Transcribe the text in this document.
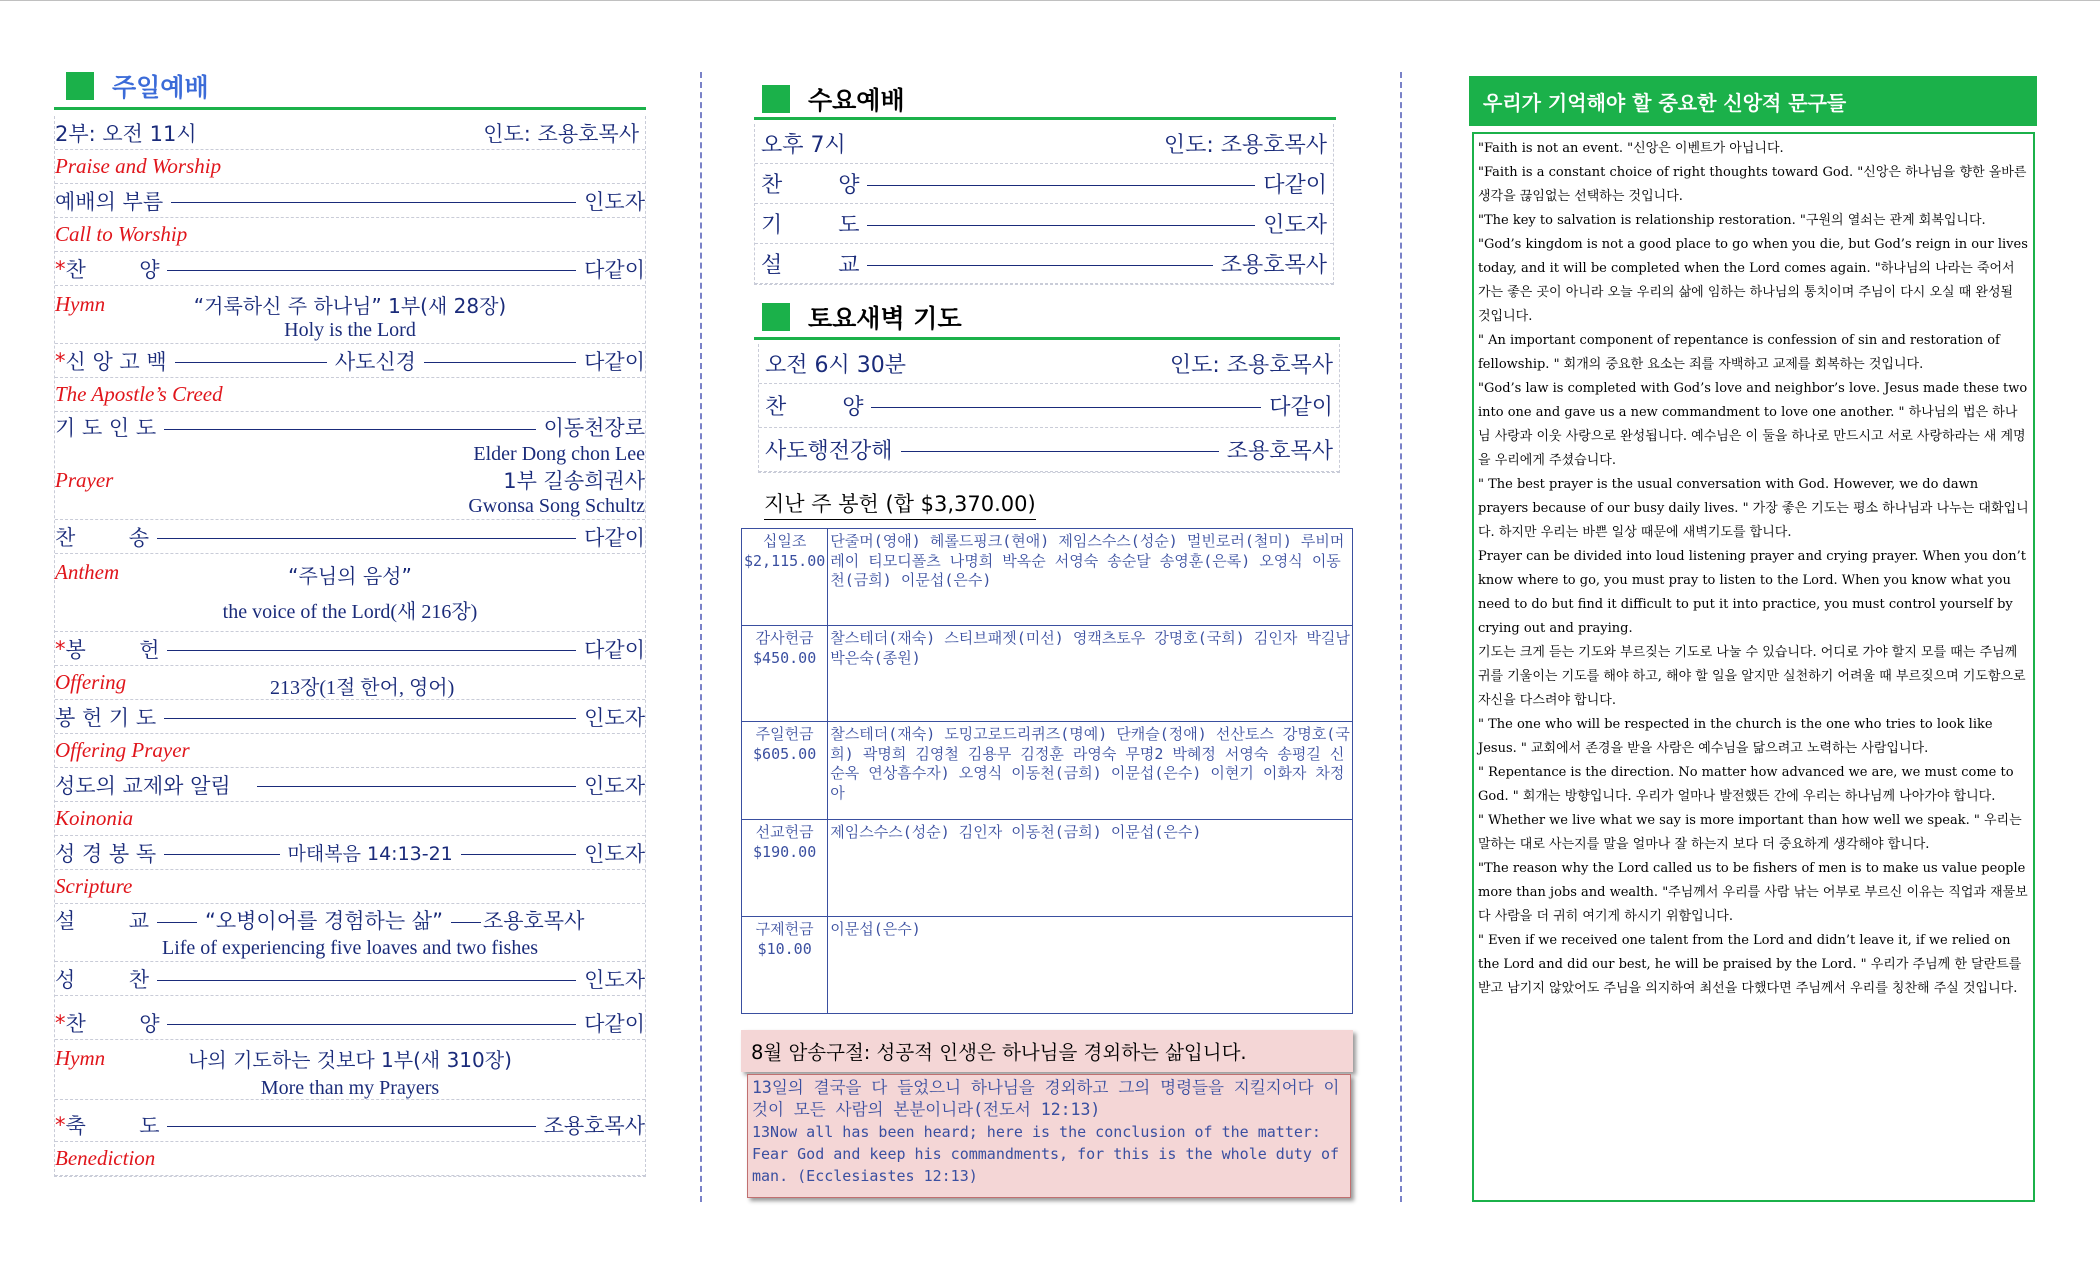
주일예배
2부: 오전 11시	인도: 조용호목사
Praise and Worship
예배의 부름	인도자
Call to Worship
* 찬        양	다같이
Hymn	“거룩하신 주 하나님” 1부(새 28장)
Holy is the Lord
* 신 앙 고 백	사도신경	다같이
The Apostle’s Creed
기 도 인 도	이동천장로
Elder Dong chon Lee
Prayer	1부 길송희권사
Gwonsa Song Schultz
찬        송	다같이
Anthem	“주님의 음성”
the voice of the Lord(새 216장)
* 봉        헌	다같이
Offering	213장(1절 한어, 영어)
봉 헌 기 도	인도자
Offering Prayer
성도의 교제와 알림	인도자
Koinonia
성 경 봉 독	마태복음 14:13-21	인도자
Scripture
설        교	“오병이어를 경험하는 삶” 조용호목사
Life of experiencing five loaves and two fishes
성        찬	인도자
* 찬        양	다같이
Hymn	나의 기도하는 것보다 1부(새 310장)
More than my Prayers
* 축        도	조용호목사
Benediction
수요예배
오후 7시	인도: 조용호목사
찬        양	다같이
기        도	인도자
설        교	조용호목사
토요새벽 기도
오전 6시 30분	인도: 조용호목사
찬        양	다같이
사도행전강해	조용호목사
지난 주 봉헌 (합 $3,370.00)
십일조
$2,115.00	단줄머(영애) 헤롤드핑크(현애) 제임스수스(성순) 멀빈로러(철미) 루비머레이 티모디폴츠 나명희 박옥순 서영숙 송순달 송영훈(은록) 오영식 이동천(금희) 이문섭(은수)

감사헌금
$450.00	찰스테더(재숙) 스티브패젯(미선) 영캑츠토우 강명호(국희) 김인자 박길남 박은숙(종원)

주일헌금
$605.00	찰스테더(재숙) 도밍고로드리퀴즈(명예) 단캐슬(정애) 선산토스 강명호(국희) 곽명희 김영철 김용무 김정훈 라영숙 무명2 박혜정 서영숙 송평길 신순옥 연상흠수자) 오영식 이동천(금희) 이문섭(은수) 이현기 이화자 차정아

선교헌금
$190.00	제임스수스(성순) 김인자 이동천(금희) 이문섭(은수)

구제헌금
$10.00	이문섭(은수)
8월 암송구절: 성공적 인생은 하나님을 경외하는 삶입니다.
13일의 결국을 다 들었으니 하나님을 경외하고 그의 명령들을 지킬지어다 이것이 모든 사람의 본분이니라(전도서 12:13)
13Now all has been heard; here is the conclusion of the matter: Fear God and keep his commandments, for this is the whole duty of man. (Ecclesiastes 12:13)
우리가 기억해야 할 중요한 신앙적 문구들
"Faith is not an event. "신앙은 이벤트가 아닙니다.
"Faith is a constant choice of right thoughts toward God. "신앙은 하나님을 향한 올바른 생각을 끊임없는 선택하는 것입니다.
"The key to salvation is relationship restoration. "구원의 열쇠는 관계 회복입니다.
"God’s kingdom is not a good place to go when you die, but God’s reign in our lives today, and it will be completed when the Lord comes again. "하나님의 나라는 죽어서 가는 좋은 곳이 아니라 오늘 우리의 삶에 임하는 하나님의 통치이며 주님이 다시 오실 때 완성될 것입니다.
" An important component of repentance is confession of sin and restoration of fellowship. " 회개의 중요한 요소는 죄를 자백하고 교제를 회복하는 것입니다.
"God’s law is completed with God’s love and neighbor’s love. Jesus made these two into one and gave us a new commandment to love one another. " 하나님의 법은 하나님 사랑과 이웃 사랑으로 완성됩니다. 예수님은 이 둘을 하나로 만드시고 서로 사랑하라는 새 계명을 우리에게 주셨습니다.
" The best prayer is the usual conversation with God. However, we do dawn prayers because of our busy daily lives. " 가장 좋은 기도는 평소 하나님과 나누는 대화입니다. 하지만 우리는 바쁜 일상 때문에 새벽기도를 합니다.
Prayer can be divided into loud listening prayer and crying prayer. When you don’t know where to go, you must pray to listen to the Lord. When you know what you need to do but find it difficult to put it into practice, you must control yourself by crying out and praying.
기도는 크게 듣는 기도와 부르짖는 기도로 나눌 수 있습니다. 어디로 가야 할지 모를 때는 주님께 귀를 기울이는 기도를 해야 하고, 해야 할 일을 알지만 실천하기 어려울 때 부르짖으며 기도함으로 자신을 다스려야 합니다.
" The one who will be respected in the church is the one who tries to look like Jesus. " 교회에서 존경을 받을 사람은 예수님을 닮으려고 노력하는 사람입니다.
" Repentance is the direction. No matter how advanced we are, we must come to God. " 회개는 방향입니다. 우리가 얼마나 발전했든 간에 우리는 하나님께 나아가야 합니다.
" Whether we live what we say is more important than how well we speak. " 우리는 말하는 대로 사는지를 말을 얼마나 잘 하는지 보다 더 중요하게 생각해야 합니다.
"The reason why the Lord called us to be fishers of men is to make us value people more than jobs and wealth. "주님께서 우리를 사람 낚는 어부로 부르신 이유는 직업과 재물보다 사람을 더 귀히 여기게 하시기 위함입니다.
" Even if we received one talent from the Lord and didn’t leave it, if we relied on the Lord and did our best, he will be praised by the Lord. " 우리가 주님께 한 달란트를 받고 남기지 않았어도 주님을 의지하여 최선을 다했다면 주님께서 우리를 칭찬해 주실 것입니다.
